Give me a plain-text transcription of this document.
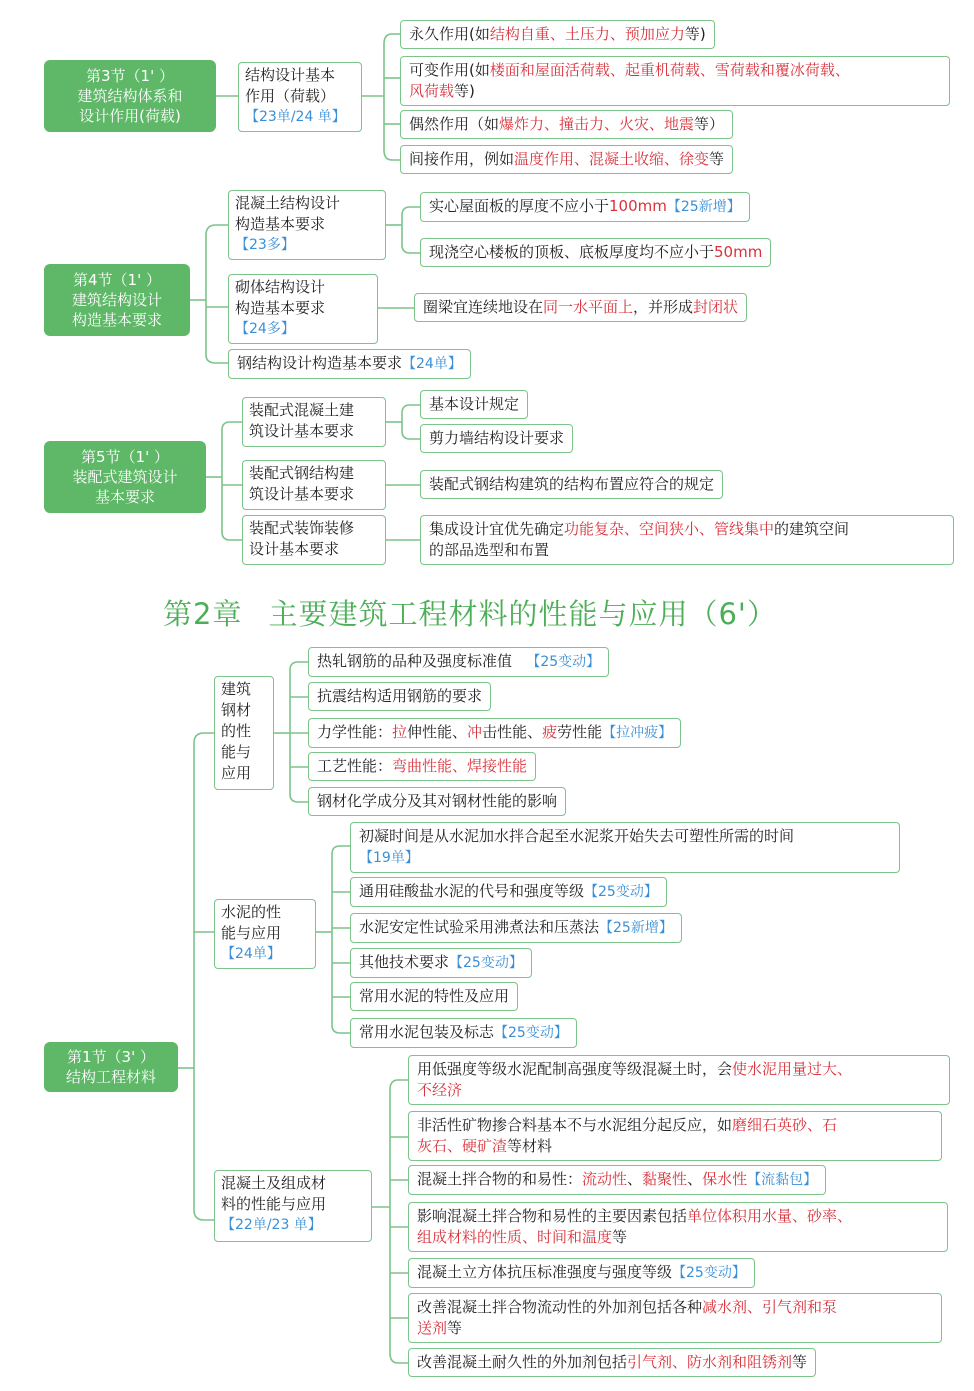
第3节（1' ）
建筑结构体系和
设计作用(荷载)
结构设计基本
作用（荷载）
【23单/24 单】
永久作用(如结构自重、土压力、预加应力等)
可变作用(如楼面和屋面活荷载、起重机荷载、雪荷载和覆冰荷载、
风荷载等)
偶然作用（如爆炸力、撞击力、火灾、地震等）
间接作用，例如温度作用、混凝土收缩、徐变等
第4节（1' ）
建筑结构设计
构造基本要求
混凝土结构设计
构造基本要求
【23多】
砌体结构设计
构造基本要求
【24多】
钢结构设计构造基本要求【24单】
实心屋面板的厚度不应小于100mm【25新增】
现浇空心楼板的顶板、底板厚度均不应小于50mm
圈梁宜连续地设在同一水平面上，并形成封闭状
第5节（1' ）
装配式建筑设计
基本要求
装配式混凝土建
筑设计基本要求
装配式钢结构建
筑设计基本要求
装配式装饰装修
设计基本要求
基本设计规定
剪力墙结构设计要求
装配式钢结构建筑的结构布置应符合的规定
集成设计宜优先确定功能复杂、空间狭小、管线集中的建筑空间
的部品选型和布置
第2章 主要建筑工程材料的性能与应用（6'）
第1节（3' ）
结构工程材料
建筑
钢材
的性
能与
应用
水泥的性
能与应用
【24单】
混凝土及组成材
料的性能与应用
【22单/23 单】
热轧钢筋的品种及强度标准值 【25变动】
抗震结构适用钢筋的要求
力学性能：拉伸性能、冲击性能、疲劳性能【拉冲疲】
工艺性能：弯曲性能、焊接性能
钢材化学成分及其对钢材性能的影响
初凝时间是从水泥加水拌合起至水泥浆开始失去可塑性所需的时间
【19单】
通用硅酸盐水泥的代号和强度等级【25变动】
水泥安定性试验采用沸煮法和压蒸法【25新增】
其他技术要求【25变动】
常用水泥的特性及应用
常用水泥包装及标志【25变动】
用低强度等级水泥配制高强度等级混凝土时，会使水泥用量过大、
不经济
非活性矿物掺合料基本不与水泥组分起反应，如磨细石英砂、石
灰石、硬矿渣等材料
混凝土拌合物的和易性：流动性、黏聚性、保水性【流黏包】
影响混凝土拌合物和易性的主要因素包括单位体积用水量、砂率、
组成材料的性质、时间和温度等
混凝土立方体抗压标准强度与强度等级【25变动】
改善混凝土拌合物流动性的外加剂包括各种减水剂、引气剂和泵
送剂等
改善混凝土耐久性的外加剂包括引气剂、防水剂和阻锈剂等
